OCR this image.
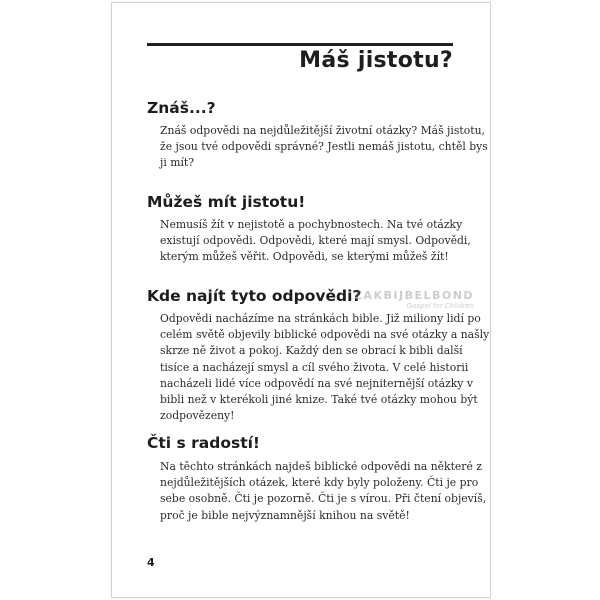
Máš jistotu?
Znáš...?
Znáš odpovědi na nejdůležitější životní otázky? Máš jistotu,
že jsou tvé odpovědi správné? Jestli nemáš jistotu, chtěl bys
ji mít?
Můžeš mít jistotu!
Nemusíš žít v nejistotě a pochybnostech. Na tvé otázky
existují odpovědi. Odpovědi, které mají smysl. Odpovědi,
kterým můžeš věřit. Odpovědi, se kterými můžeš žít!
Kde najít tyto odpovědi?
Odpovědi nacházíme na stránkách bible. Již miliony lidí po
celém světě objevily biblické odpovědi na své otázky a našly
skrze ně život a pokoj. Každý den se obrací k bibli další
tisíce a nacházejí smysl a cíl svého života. V celé historii
nacházeli lidé více odpovědí na své nejniternější otázky v
bibli než v kterékoli jiné knize. Také tvé otázky mohou být
zodpovězeny!
Čti s radostí!
Na těchto stránkách najdeš biblické odpovědi na některé z
nejdůležitějších otázek, které kdy byly položeny. Čti je pro
sebe osobně. Čti je pozorně. Čti je s vírou. Při čtení objevíš,
proč je bible nejvýznamnější knihou na světě!
ZAKBIJBELBOND
Gospel for Children
4
